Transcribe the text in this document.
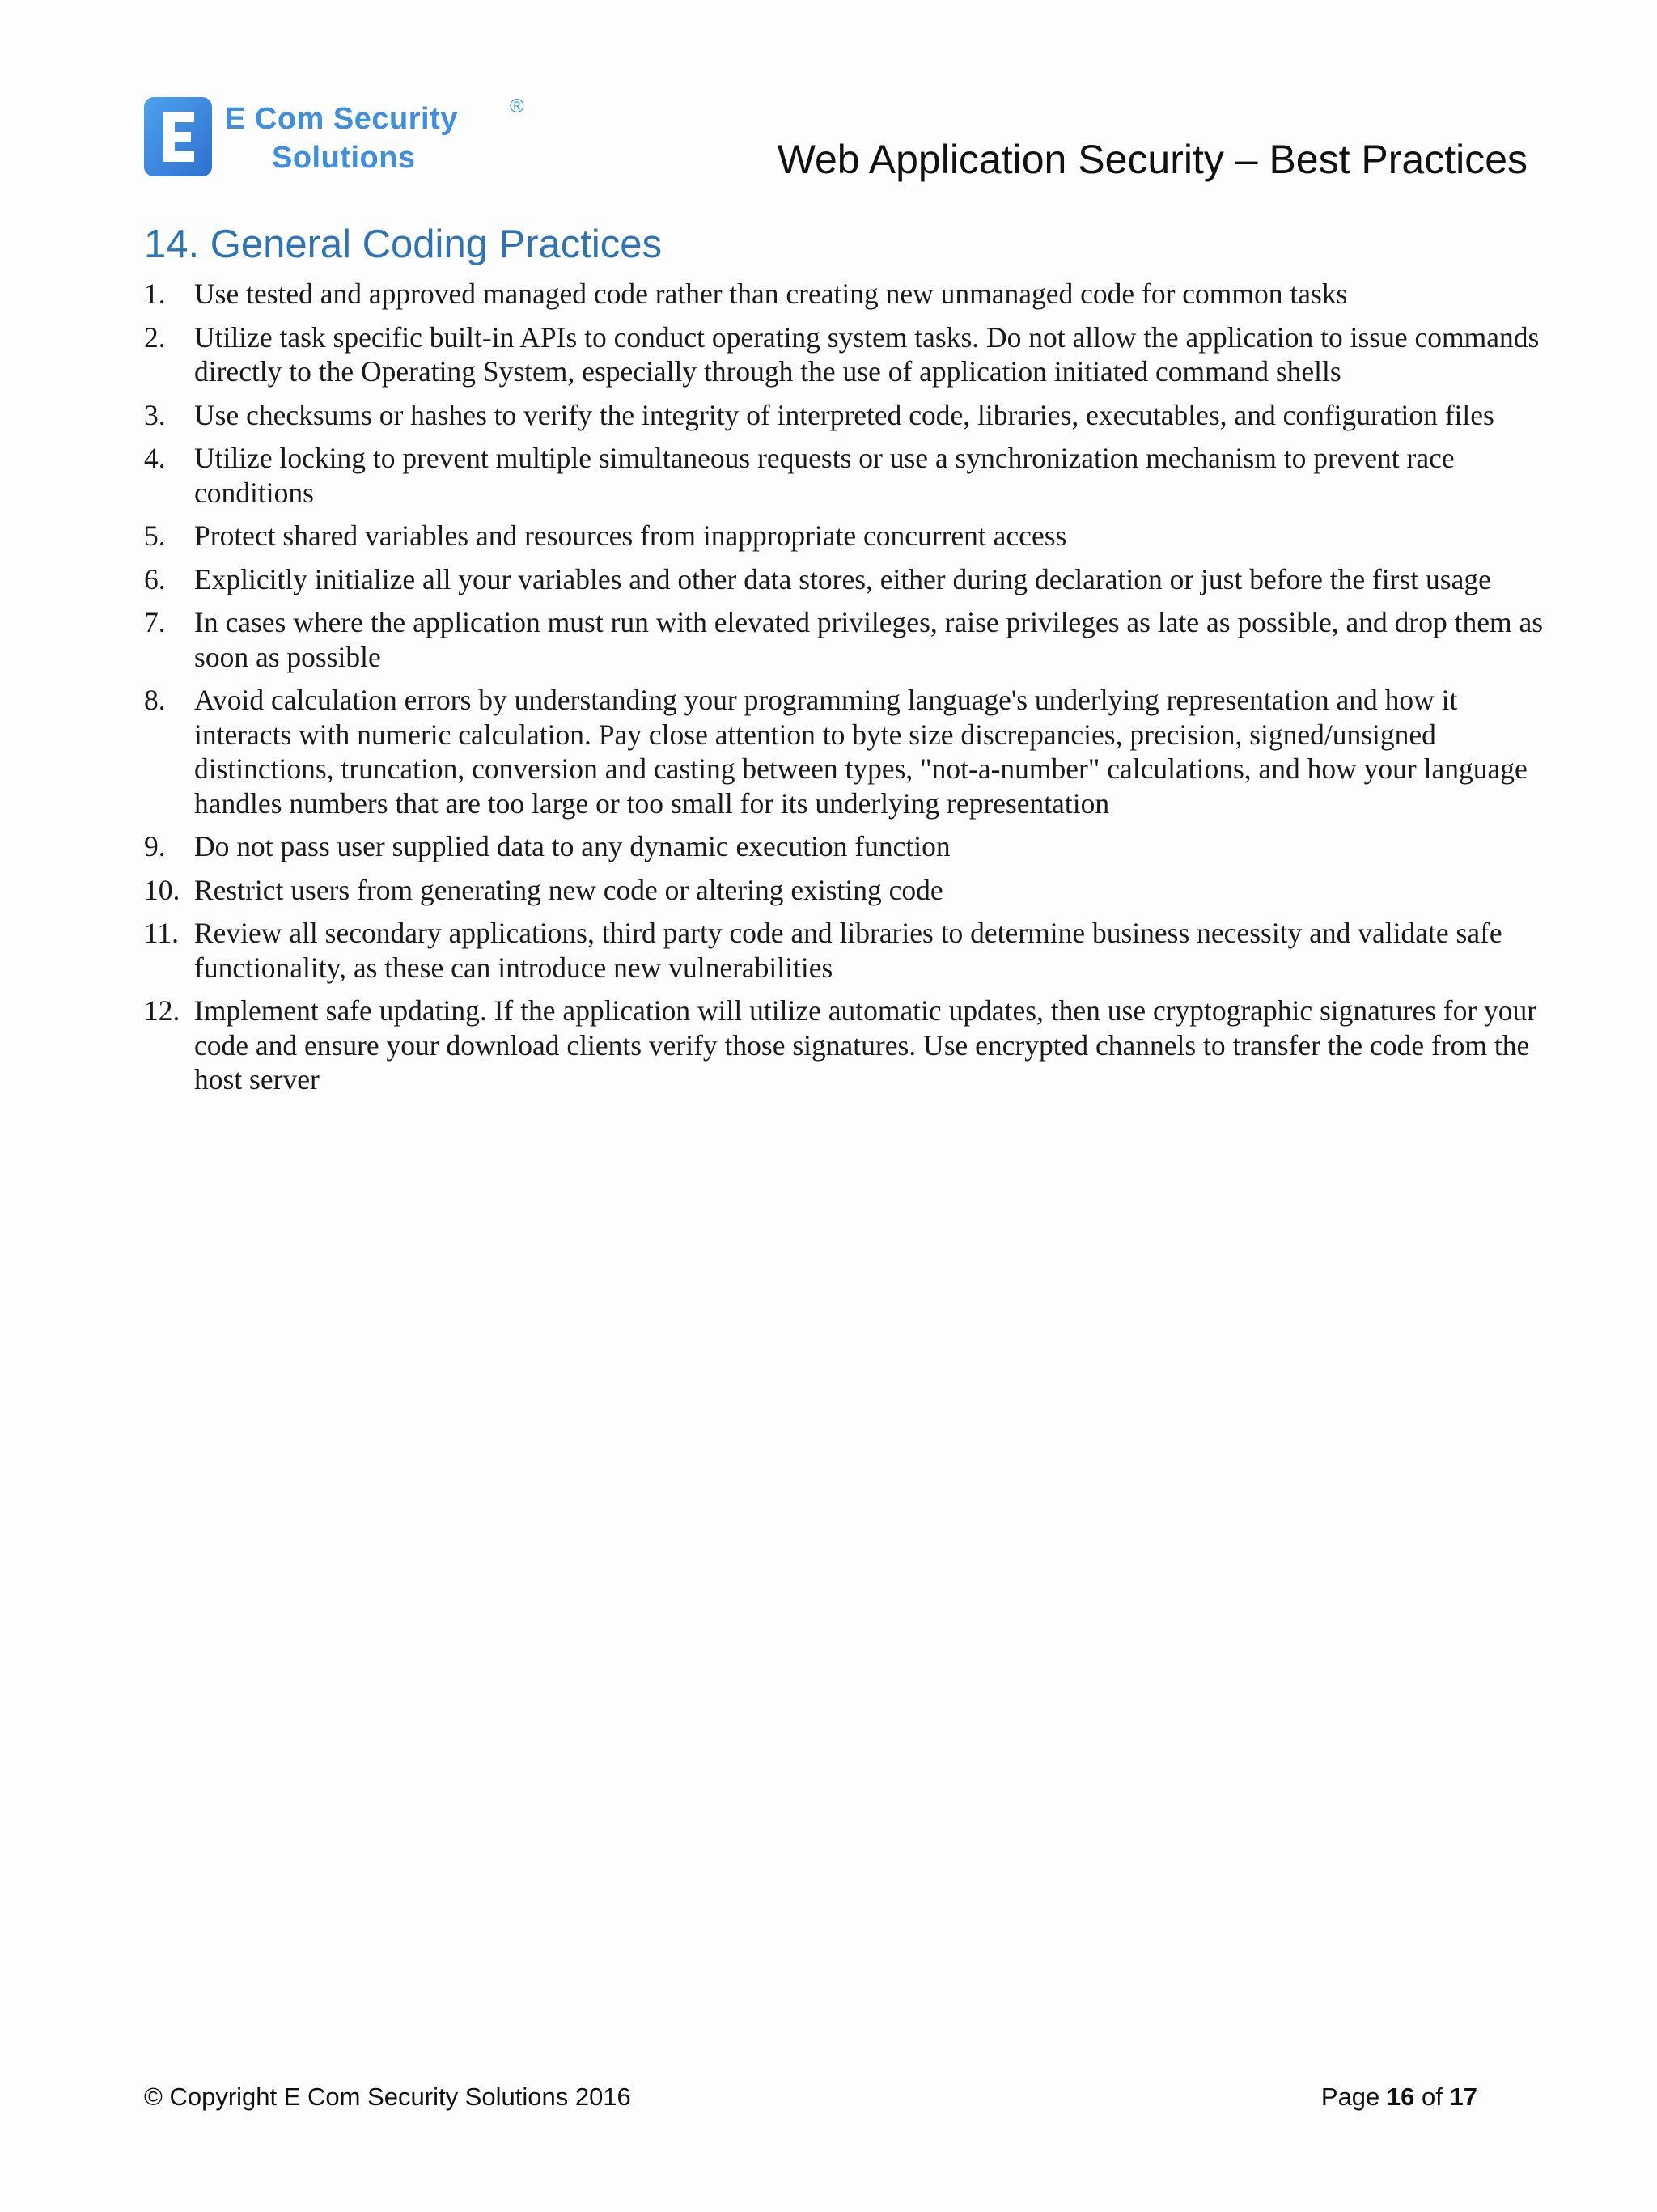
E Com Security
Solutions
®
Web Application Security – Best Practices
14. General Coding Practices
1. Use tested and approved managed code rather than creating new unmanaged code for common tasks
2. Utilize task specific built-in APIs to conduct operating system tasks. Do not allow the application to issue commands directly to the Operating System, especially through the use of application initiated command shells
3. Use checksums or hashes to verify the integrity of interpreted code, libraries, executables, and configuration files
4. Utilize locking to prevent multiple simultaneous requests or use a synchronization mechanism to prevent race conditions
5. Protect shared variables and resources from inappropriate concurrent access
6. Explicitly initialize all your variables and other data stores, either during declaration or just before the first usage
7. In cases where the application must run with elevated privileges, raise privileges as late as possible, and drop them as soon as possible
8. Avoid calculation errors by understanding your programming language's underlying representation and how it interacts with numeric calculation. Pay close attention to byte size discrepancies, precision, signed/unsigned distinctions, truncation, conversion and casting between types, "not-a-number" calculations, and how your language handles numbers that are too large or too small for its underlying representation
9. Do not pass user supplied data to any dynamic execution function
10. Restrict users from generating new code or altering existing code
11. Review all secondary applications, third party code and libraries to determine business necessity and validate safe functionality, as these can introduce new vulnerabilities
12. Implement safe updating. If the application will utilize automatic updates, then use cryptographic signatures for your code and ensure your download clients verify those signatures. Use encrypted channels to transfer the code from the host server
© Copyright E Com Security Solutions 2016	Page 16 of 17
